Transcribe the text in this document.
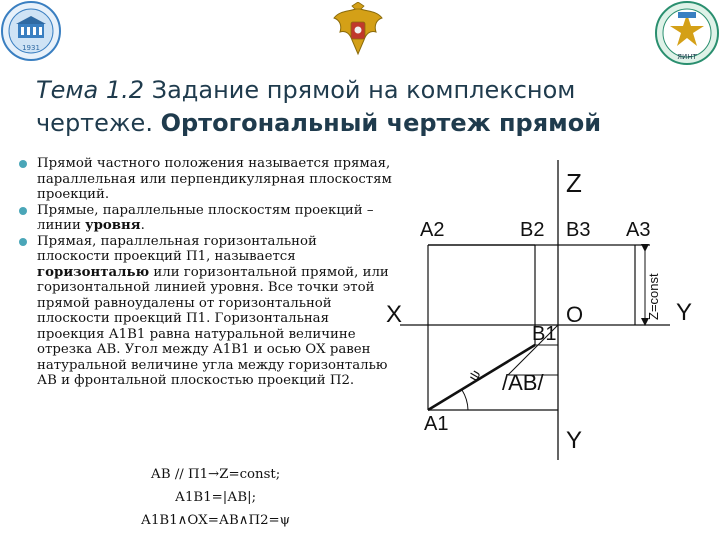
1931
ЯИНТ
Тема 1.2 Задание прямой на комплексном чертеже. Ортогональный чертеж прямой
Прямой частного положения называется прямая, параллельная или перпендикулярная плоскостям проекций.
Прямые, параллельные плоскостям проекций – линии уровня.
Прямая, параллельная горизонтальной плоскости проекций П1, называется горизонталью или горизонтальной прямой, или горизонтальной линией уровня. Все точки этой прямой равноудалены от горизонтальной плоскости проекций П1. Горизонтальная проекция А1В1 равна натуральной величине отрезка АВ. Угол между А1В1 и осью ОХ равен натуральной величине угла между горизонталью АВ и фронтальной плоскостью проекций П2.
АВ // П1→Z=const;
А1В1=|АВ|;
А1В1∧ОХ=АВ∧П2=ψ
Z
X	Y
Y
O
A2	B2 B3 A3
B1
A1
/AB/
Z=const
ψ
